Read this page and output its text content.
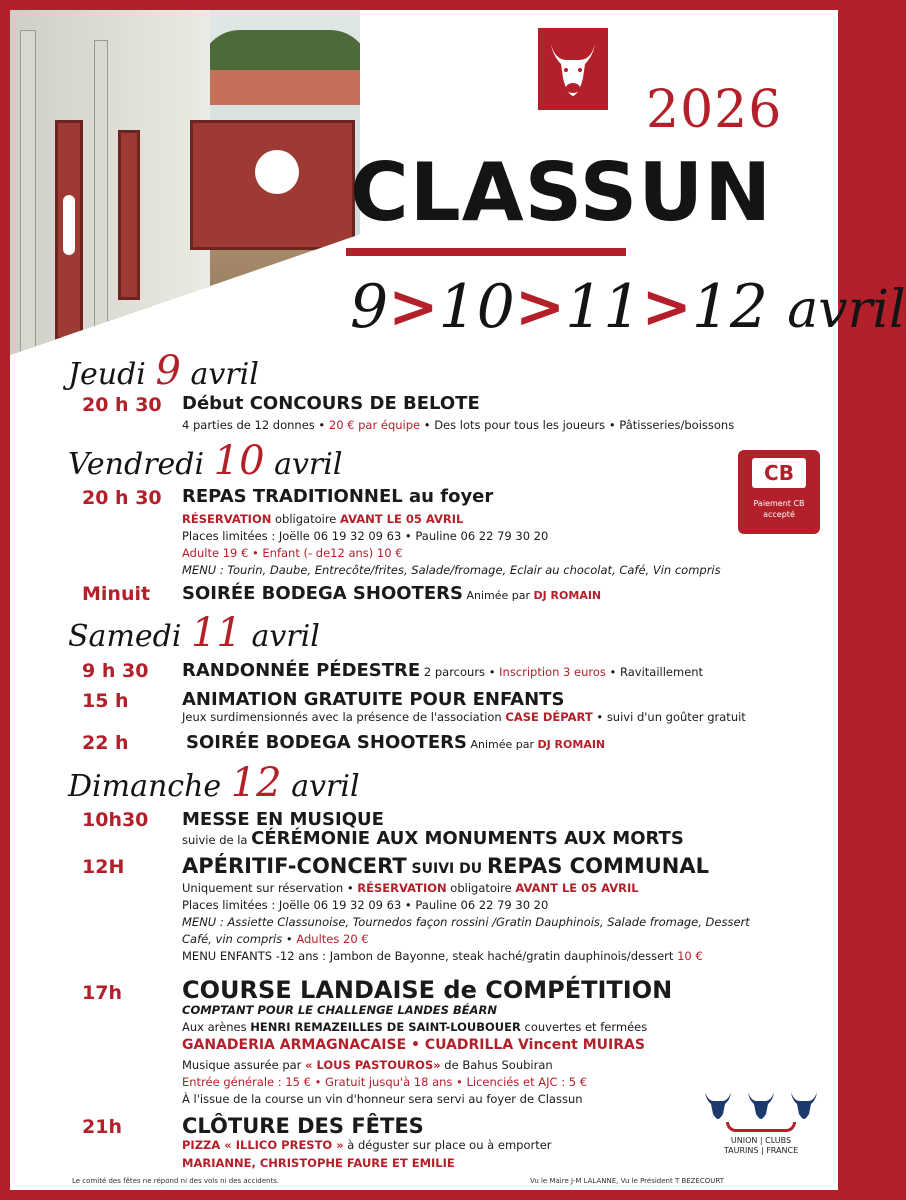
2026
CLASSUN
9>10>11>12 avril
Jeudi 9 avril
20 h 30 Début CONCOURS DE BELOTE
4 parties de 12 donnes • 20 € par équipe • Des lots pour tous les joueurs • Pâtisseries/boissons
Vendredi 10 avril
20 h 30 REPAS TRADITIONNEL au foyer
RÉSERVATION obligatoire AVANT LE 05 AVRIL
Places limitées : Joëlle 06 19 32 09 63 • Pauline 06 22 79 30 20
Adulte 19 € • Enfant (- de12 ans) 10 €
MENU : Tourin, Daube, Entrecôte/frites, Salade/fromage, Eclair au chocolat, Café, Vin compris
Minuit SOIRÉE BODEGA SHOOTERS Animée par DJ ROMAIN
CB
Paiement CB
accepté
Samedi 11 avril
9 h 30 RANDONNÉE PÉDESTRE 2 parcours • Inscription 3 euros • Ravitaillement
15 h	ANIMATION GRATUITE POUR ENFANTS
Jeux surdimensionnés avec la présence de l'association CASE DÉPART • suivi d'un goûter gratuit
22 h	SOIRÉE BODEGA SHOOTERS Animée par DJ ROMAIN
Dimanche 12 avril
10h30 MESSE EN MUSIQUE
suivie de la CÉRÉMONIE AUX MONUMENTS AUX MORTS
12H	APÉRITIF-CONCERT SUIVI DU REPAS COMMUNAL
Uniquement sur réservation • RÉSERVATION obligatoire AVANT LE 05 AVRIL
Places limitées : Joëlle 06 19 32 09 63 • Pauline 06 22 79 30 20
MENU : Assiette Classunoise, Tournedos façon rossini /Gratin Dauphinois, Salade fromage, Dessert
Café, vin compris • Adultes 20 €
MENU ENFANTS -12 ans : Jambon de Bayonne, steak haché/gratin dauphinois/dessert 10 €
17h	COURSE LANDAISE de COMPÉTITION
COMPTANT POUR LE CHALLENGE LANDES BÉARN
Aux arènes HENRI REMAZEILLES DE SAINT-LOUBOUER couvertes et fermées
GANADERIA ARMAGNACAISE • CUADRILLA Vincent MUIRAS
Musique assurée par « LOUS PASTOUROS» de Bahus Soubiran
Entrée générale : 15 € • Gratuit jusqu'à 18 ans • Licenciés et AJC : 5 €
À l'issue de la course un vin d'honneur sera servi au foyer de Classun
21h	CLÔTURE DES FÊTES
PIZZA « ILLICO PRESTO » à déguster sur place ou à emporter
MARIANNE, CHRISTOPHE FAURE ET EMILIE
UNION | CLUBS
TAURINS | FRANCE
Le comité des fêtes ne répond ni des vols ni des accidents.	Vu le Maire J-M LALANNE, Vu le Président T BEZECOURT
